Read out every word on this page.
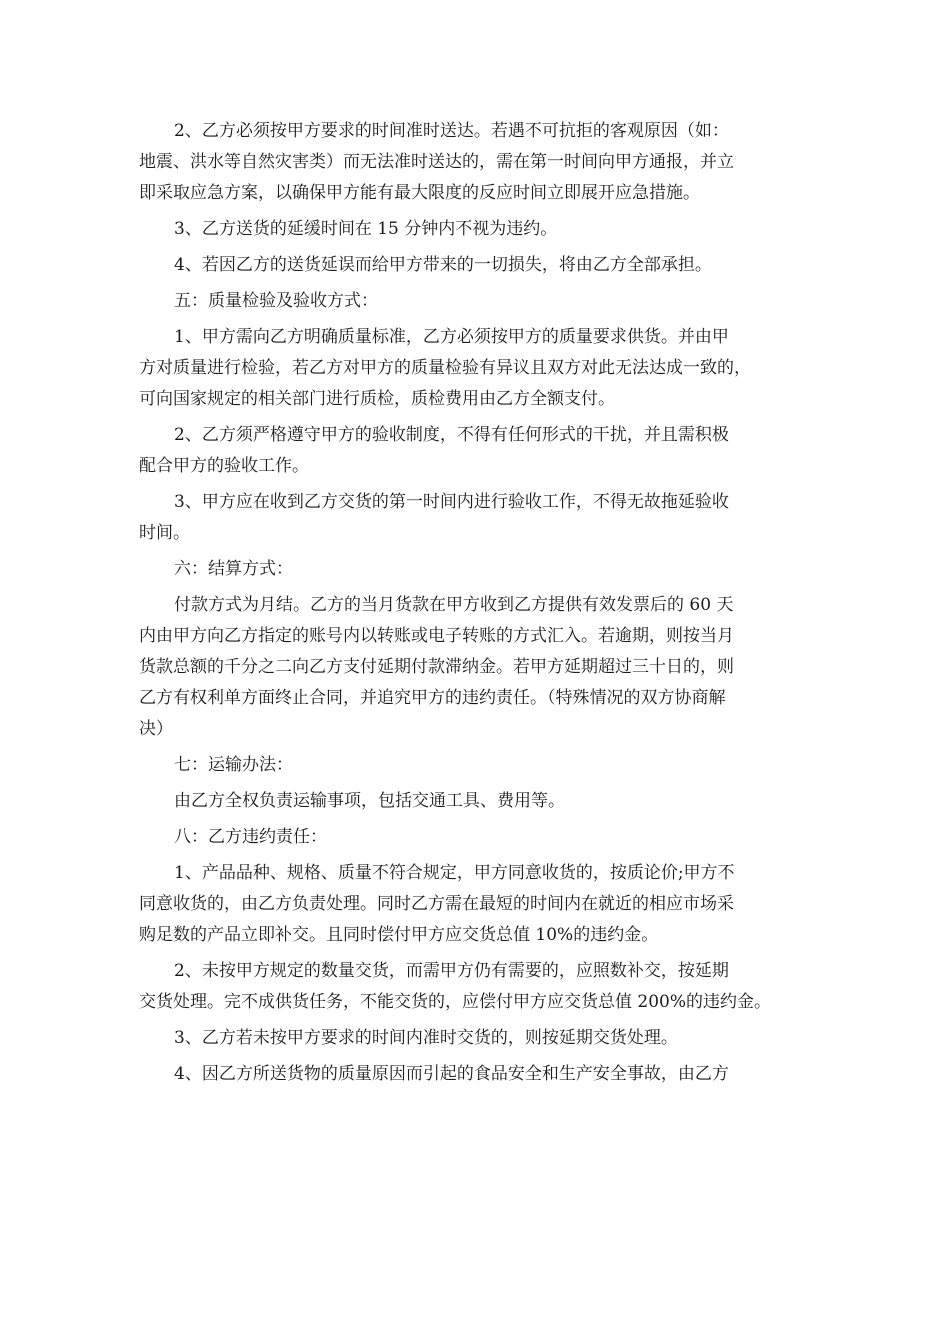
2、乙方必须按甲方要求的时间准时送达。若遇不可抗拒的客观原因（如：
地震、洪水等自然灾害类）而无法准时送达的，需在第一时间向甲方通报，并立
即采取应急方案，以确保甲方能有最大限度的反应时间立即展开应急措施。
3、乙方送货的延缓时间在 15 分钟内不视为违约。
4、若因乙方的送货延误而给甲方带来的一切损失，将由乙方全部承担。
五：质量检验及验收方式：
1、甲方需向乙方明确质量标准，乙方必须按甲方的质量要求供货。并由甲
方对质量进行检验，若乙方对甲方的质量检验有异议且双方对此无法达成一致的，
可向国家规定的相关部门进行质检，质检费用由乙方全额支付。
2、乙方须严格遵守甲方的验收制度，不得有任何形式的干扰，并且需积极
配合甲方的验收工作。
3、甲方应在收到乙方交货的第一时间内进行验收工作，不得无故拖延验收
时间。
六：结算方式：
付款方式为月结。乙方的当月货款在甲方收到乙方提供有效发票后的 60 天
内由甲方向乙方指定的账号内以转账或电子转账的方式汇入。若逾期，则按当月
货款总额的千分之二向乙方支付延期付款滞纳金。若甲方延期超过三十日的，则
乙方有权利单方面终止合同，并追究甲方的违约责任。（特殊情况的双方协商解
决）
七：运输办法：
由乙方全权负责运输事项，包括交通工具、费用等。
八：乙方违约责任：
1、产品品种、规格、质量不符合规定，甲方同意收货的，按质论价;甲方不
同意收货的，由乙方负责处理。同时乙方需在最短的时间内在就近的相应市场采
购足数的产品立即补交。且同时偿付甲方应交货总值 10%的违约金。
2、未按甲方规定的数量交货，而需甲方仍有需要的，应照数补交，按延期
交货处理。完不成供货任务，不能交货的，应偿付甲方应交货总值 200%的违约金。
3、乙方若未按甲方要求的时间内准时交货的，则按延期交货处理。
4、因乙方所送货物的质量原因而引起的食品安全和生产安全事故，由乙方
